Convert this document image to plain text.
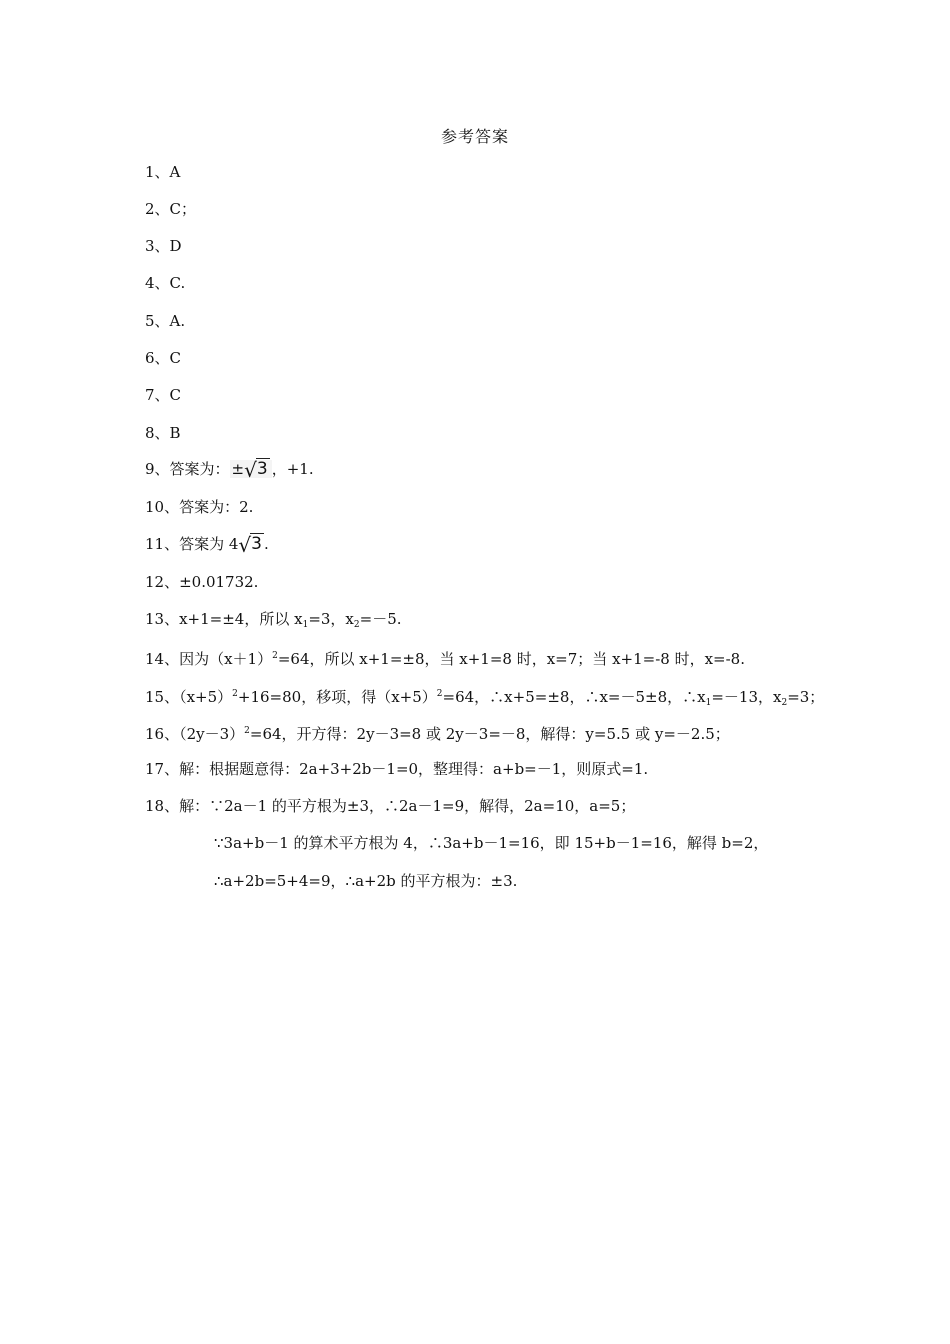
参考答案
1、A
2、C；
3、D
4、C.
5、A.
6、C
7、C
8、B
9、答案为： ±√3 ，+1.
10、答案为：2.
11、答案为 4√3 .
12、±0.01732.
13、x+1=±4，所以 $x_1=3$，$x_2=-5$.
14、因为$(x+1)^2=64$，所以 x+1=±8，当 x+1=8 时，x=7；当 x+1=-8 时，x=-8.
15、$(x+5)^2+16=80$，移项，得$(x+5)^2=64$，∴x+5=±8，∴x=－5±8，$\therefore x_1=-13$，$x_2=3$；
16、$(2y-3)^2=64$，开方得：2y－3=8 或 2y－3=－8，解得：y=5.5 或 y=－2.5；
17、解：根据题意得：2a+3+2b－1=0，整理得：a+b=－1，则原式=1.
18、解：∵2a－1 的平方根为±3，∴2a－1=9，解得，2a=10，a=5；
∵3a+b－1 的算术平方根为 4，∴3a+b－1=16，即 15+b－1=16，解得 b=2，
∴a+2b=5+4=9，∴a+2b 的平方根为：±3.
